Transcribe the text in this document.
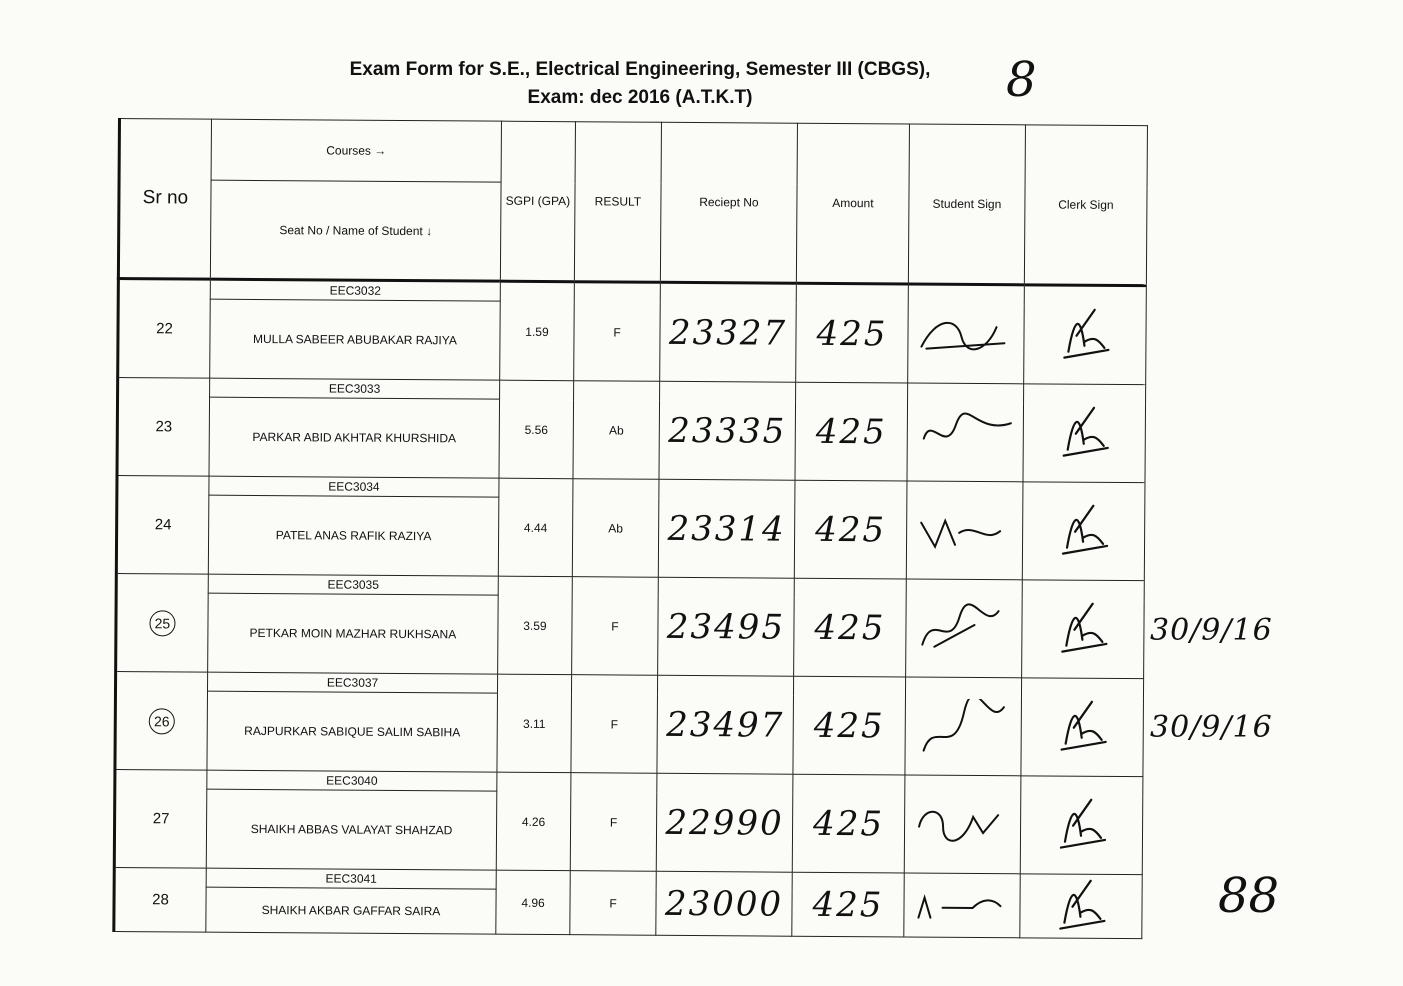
Exam Form for S.E., Electrical Engineering, Semester III (CBGS),
Exam: dec 2016 (A.T.K.T)	8
Sr no	Courses →	SGPI (GPA)	RESULT	Reciept No	Amount	Student Sign	Clerk Sign
	Seat No / Name of Student ↓						
22	EEC3032	1.59	F	23327	425	

	MULLA SABEER ABUBAKAR RAJIYA						
23	EEC3033	5.56	Ab	23335	425	

	PARKAR ABID AKHTAR KHURSHIDA						
24	EEC3034	4.44	Ab	23314	425	

	PATEL ANAS RAFIK RAZIYA						
25	EEC3035	3.59	F	23495	425	

	PETKAR MOIN MAZHAR RUKHSANA						
26	EEC3037	3.11	F	23497	425	

	RAJPURKAR SABIQUE SALIM SABIHA						
27	EEC3040	4.26	F	22990	425	

	SHAIKH ABBAS VALAYAT SHAHZAD						
28	EEC3041	4.96	F	23000	425	

	SHAIKH AKBAR GAFFAR SAIRA						
30/9/16
30/9/16
88
